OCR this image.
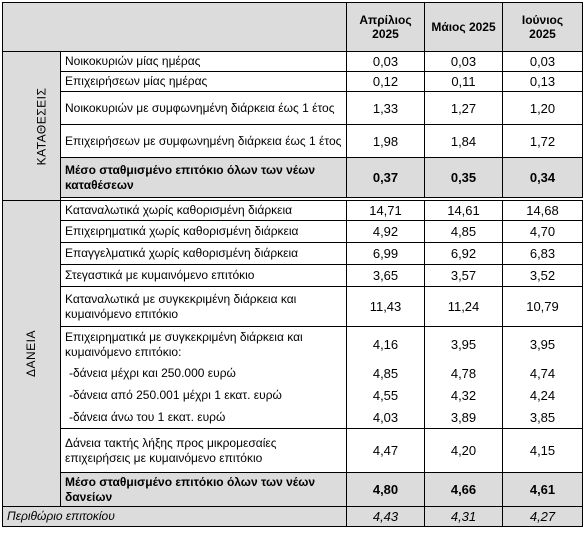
		Απρίλιος 2025	Μάιος 2025	Ιούνιος 2025
ΚΑΤΑΘΕΣΕΙΣ	Νοικοκυριών μίας ημέρας	0,03	0,03	0,03
	Επιχειρήσεων μίας ημέρας	0,12	0,11	0,13
	Νοικοκυριών με συμφωνημένη διάρκεια έως 1 έτος	1,33	1,27	1,20
	Επιχειρήσεων με συμφωνημένη διάρκεια έως 1 έτος	1,98	1,84	1,72
	Μέσο σταθμισμένο επιτόκιο όλων των νέων καταθέσεων	0,37	0,35	0,34

ΔΑΝΕΙΑ	Καταναλωτικά χωρίς καθορισμένη διάρκεια	14,71	14,61	14,68
	Επιχειρηματικά χωρίς καθορισμένη διάρκεια	4,92	4,85	4,70
	Επαγγελματικά χωρίς καθορισμένη διάρκεια	6,99	6,92	6,83
	Στεγαστικά με κυμαινόμενο επιτόκιο	3,65	3,57	3,52
	Καταναλωτικά με συγκεκριμένη διάρκεια και κυμαινόμενο επιτόκιο	11,43	11,24	10,79
	Επιχειρηματικά με συγκεκριμένη διάρκεια και κυμαινόμενο επιτόκιο:	4,16	3,95	3,95
	-δάνεια μέχρι και 250.000 ευρώ	4,85	4,78	4,74
	-δάνεια από 250.001 μέχρι 1 εκατ. ευρώ	4,55	4,32	4,24
	-δάνεια άνω του 1 εκατ. ευρώ	4,03	3,89	3,85
	Δάνεια τακτής λήξης προς μικρομεσαίες επιχειρήσεις με κυμαινόμενο επιτόκιο	4,47	4,20	4,15
	Μέσο σταθμισμένο επιτόκιο όλων των νέων δανείων	4,80	4,66	4,61
Περιθώριο επιτοκίου		4,43	4,31	4,27
